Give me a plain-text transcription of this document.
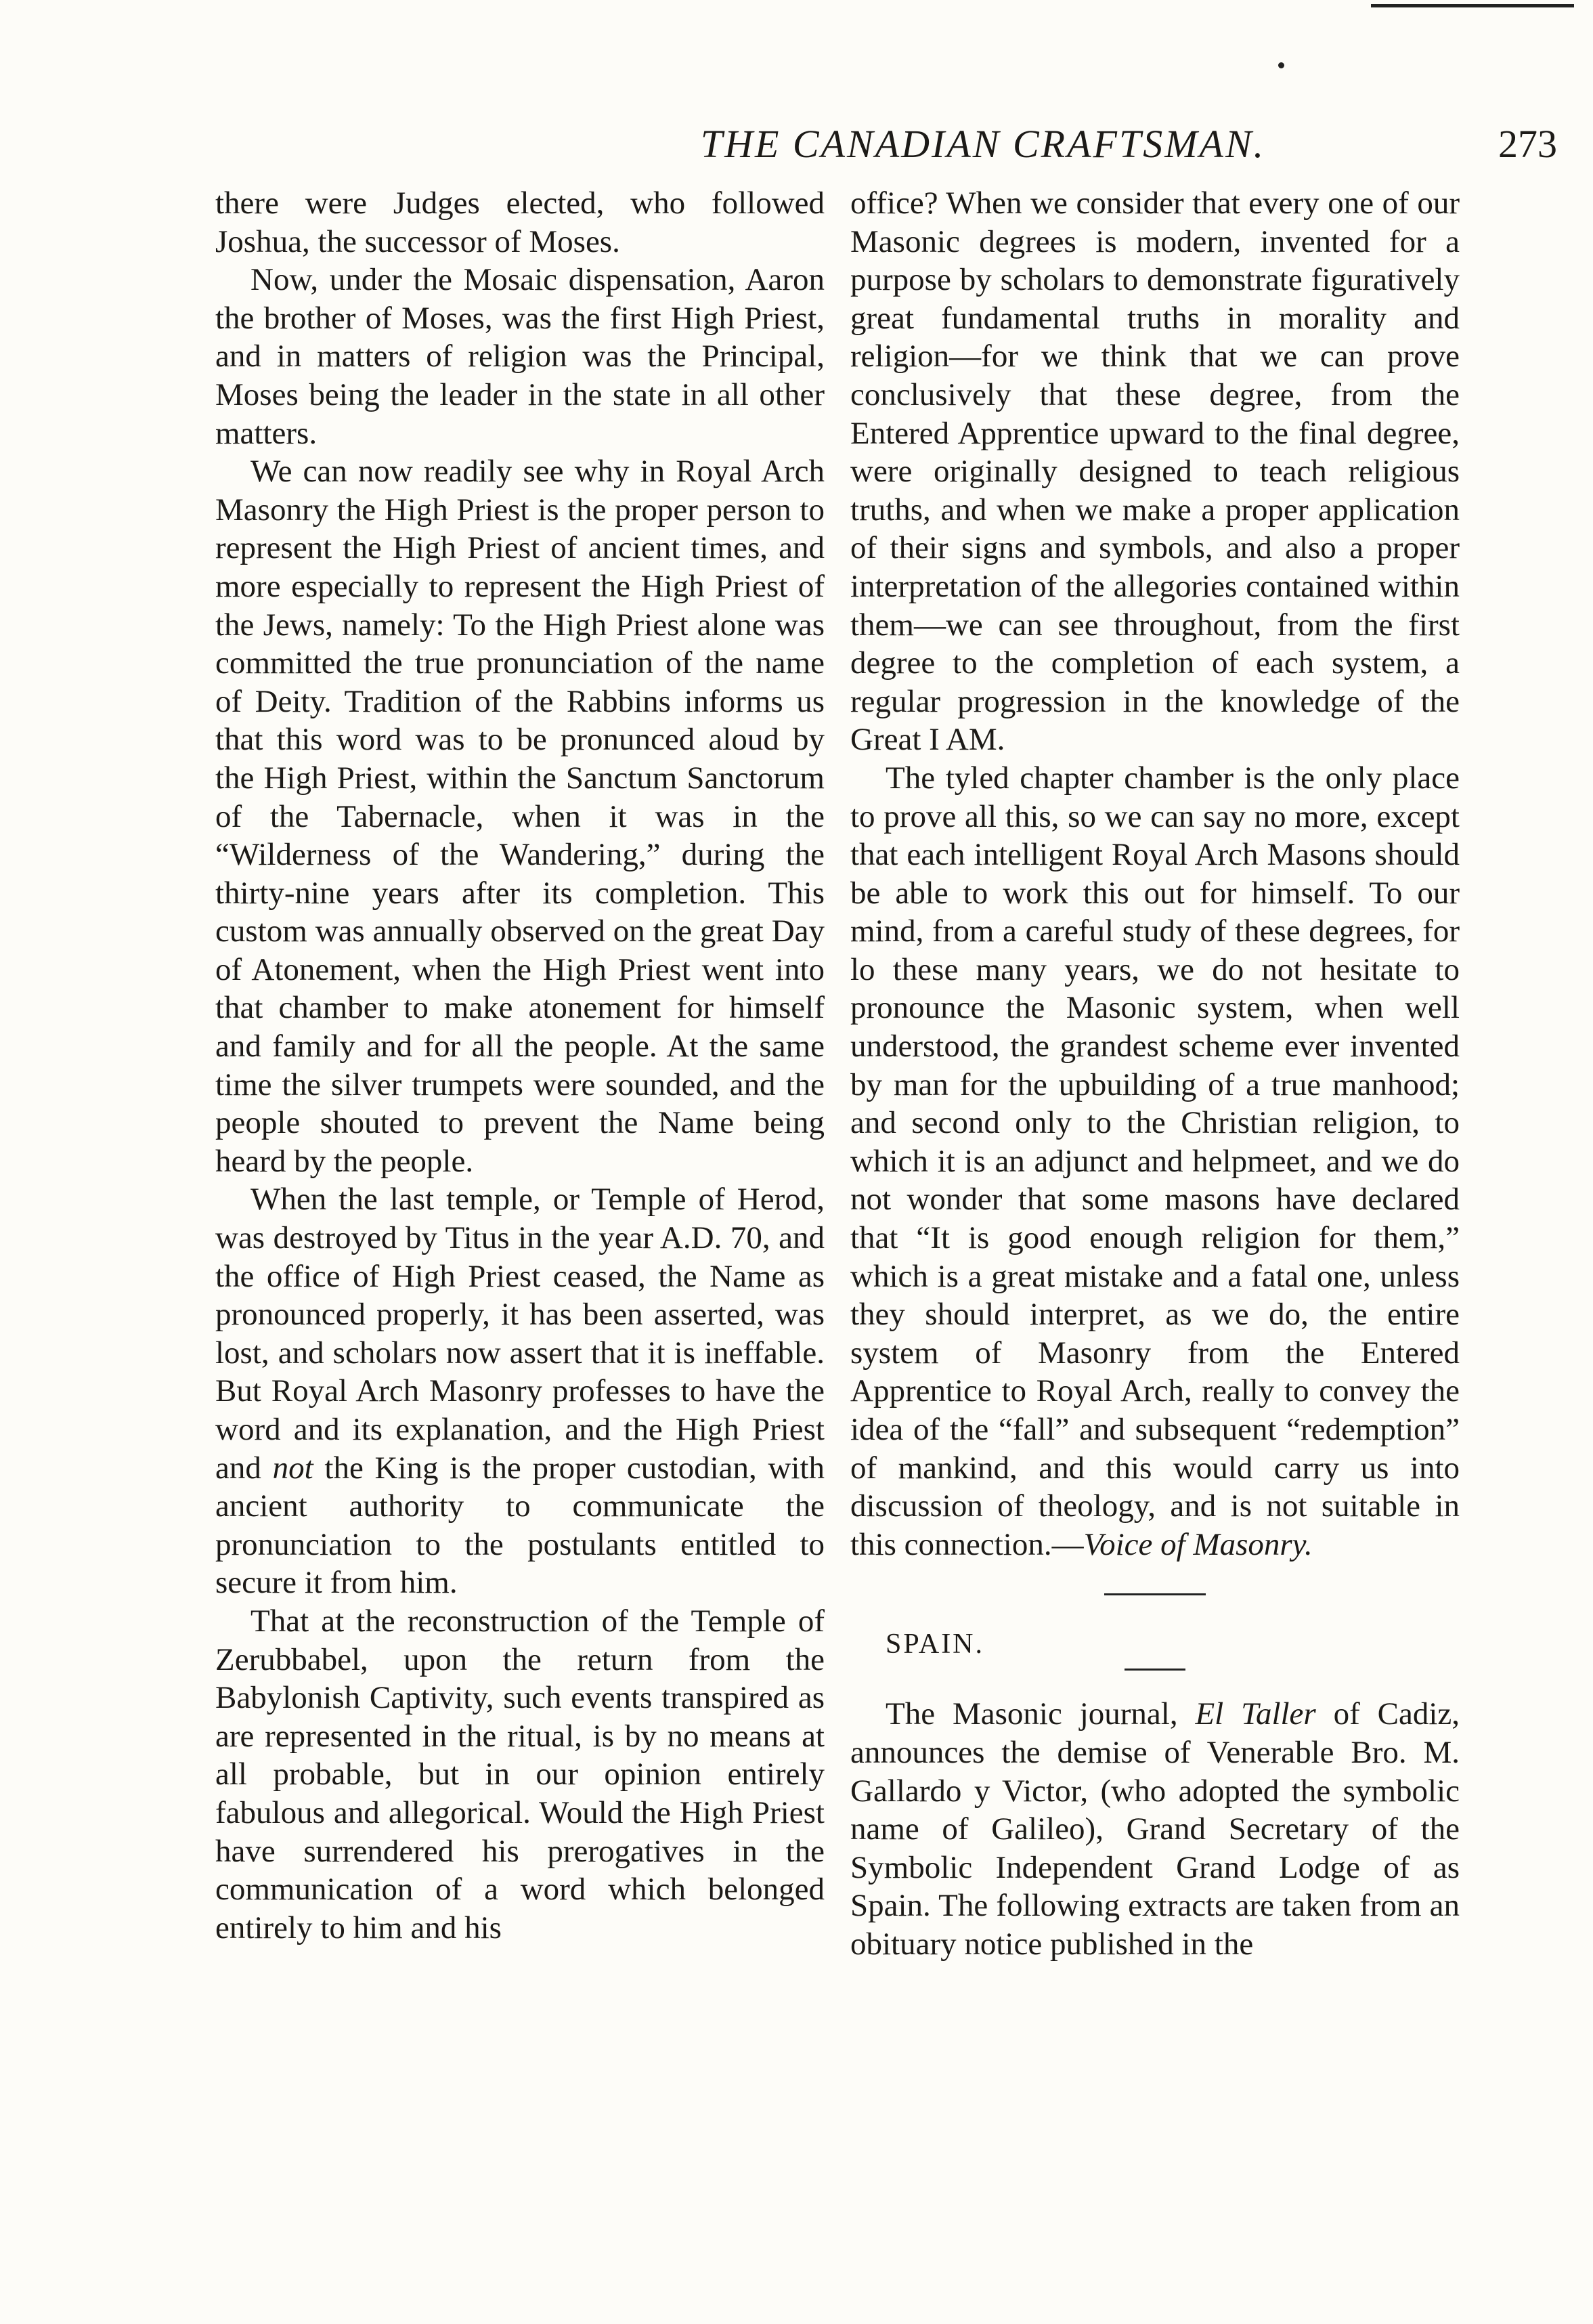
THE CANADIAN CRAFTSMAN.	273

there were Judges elected, who followed Joshua, the successor of Moses.

Now, under the Mosaic dispensation, Aaron the brother of Moses, was the first High Priest, and in matters of religion was the Principal, Moses being the leader in the state in all other matters.

We can now readily see why in Royal Arch Masonry the High Priest is the proper person to represent the High Priest of ancient times, and more especially to represent the High Priest of the Jews, namely: To the High Priest alone was committed the true pronunciation of the name of Deity. Tradition of the Rabbins informs us that this word was to be pronunced aloud by the High Priest, within the Sanctum Sanctorum of the Tabernacle, when it was in the “Wilderness of the Wandering,” during the thirty-nine years after its completion. This custom was annually observed on the great Day of Atonement, when the High Priest went into that chamber to make atonement for himself and family and for all the people. At the same time the silver trumpets were sounded, and the people shouted to prevent the Name being heard by the people.

When the last temple, or Temple of Herod, was destroyed by Titus in the year A.D. 70, and the office of High Priest ceased, the Name as pronounced properly, it has been asserted, was lost, and scholars now assert that it is ineffable. But Royal Arch Masonry professes to have the word and its explanation, and the High Priest and not the King is the proper custodian, with ancient authority to communicate the pronunciation to the postulants entitled to secure it from him.

That at the reconstruction of the Temple of Zerubbabel, upon the return from the Babylonish Captivity, such events transpired as are represented in the ritual, is by no means at all probable, but in our opinion entirely fabulous and allegorical. Would the High Priest have surrendered his prerogatives in the communication of a word which belonged entirely to him and his

office? When we consider that every one of our Masonic degrees is modern, invented for a purpose by scholars to demonstrate figuratively great fundamental truths in morality and religion—for we think that we can prove conclusively that these degree, from the Entered Apprentice upward to the final degree, were originally designed to teach religious truths, and when we make a proper application of their signs and symbols, and also a proper interpretation of the allegories contained within them—we can see throughout, from the first degree to the completion of each system, a regular progression in the knowledge of the Great I AM.

The tyled chapter chamber is the only place to prove all this, so we can say no more, except that each intelligent Royal Arch Masons should be able to work this out for himself. To our mind, from a careful study of these degrees, for lo these many years, we do not hesitate to pronounce the Masonic system, when well understood, the grandest scheme ever invented by man for the upbuilding of a true manhood; and second only to the Christian religion, to which it is an adjunct and helpmeet, and we do not wonder that some masons have declared that “It is good enough religion for them,” which is a great mistake and a fatal one, unless they should interpret, as we do, the entire system of Masonry from the Entered Apprentice to Royal Arch, really to convey the idea of the “fall” and subsequent “redemption” of mankind, and this would carry us into discussion of theology, and is not suitable in this connection.—Voice of Masonry.

SPAIN.

The Masonic journal, El Taller of Cadiz, announces the demise of Venerable Bro. M. Gallardo y Victor, (who adopted the symbolic name of Galileo), Grand Secretary of the Symbolic Independent Grand Lodge of as Spain. The following extracts are taken from an obituary notice published in the
